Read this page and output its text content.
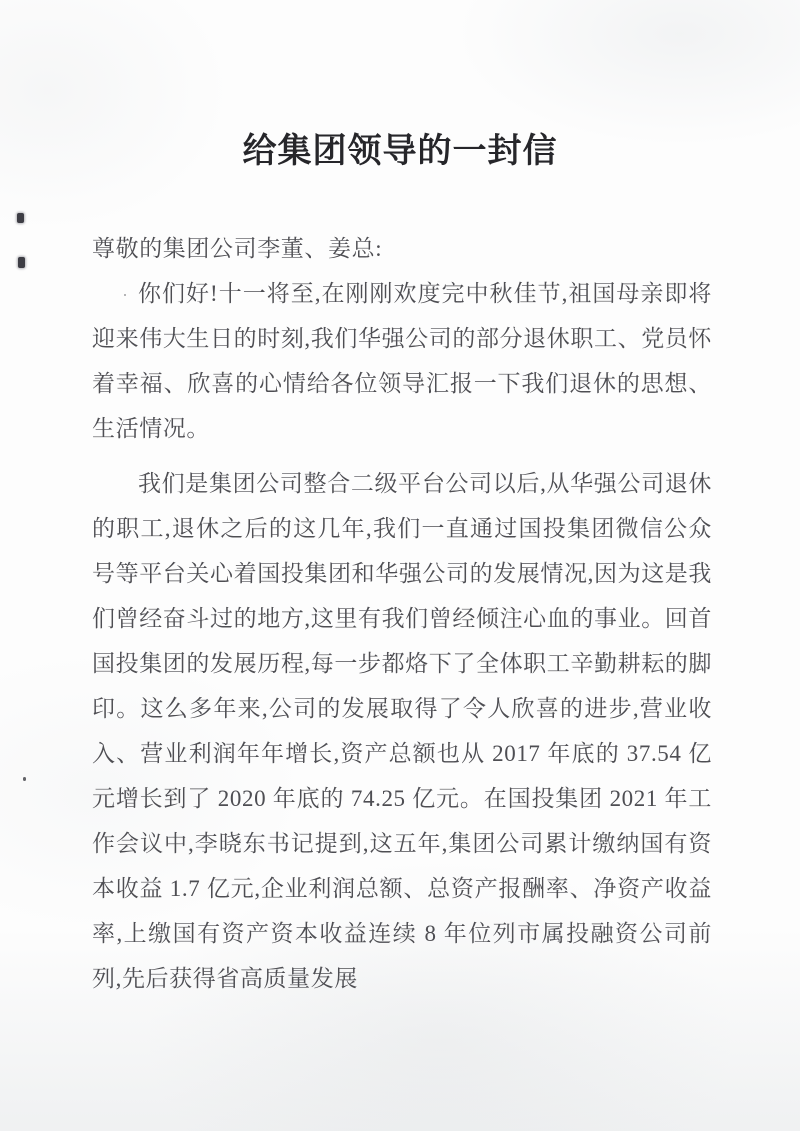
给集团领导的一封信

尊敬的集团公司李董、姜总:

你们好!十一将至,在刚刚欢度完中秋佳节,祖国母亲即将迎来伟大生日的时刻,我们华强公司的部分退休职工、党员怀着幸福、欣喜的心情给各位领导汇报一下我们退休的思想、生活情况。

我们是集团公司整合二级平台公司以后,从华强公司退休的职工,退休之后的这几年,我们一直通过国投集团微信公众号等平台关心着国投集团和华强公司的发展情况,因为这是我们曾经奋斗过的地方,这里有我们曾经倾注心血的事业。回首国投集团的发展历程,每一步都烙下了全体职工辛勤耕耘的脚印。这么多年来,公司的发展取得了令人欣喜的进步,营业收入、营业利润年年增长,资产总额也从 2017 年底的 37.54 亿元增长到了 2020 年底的 74.25 亿元。在国投集团 2021 年工作会议中,李晓东书记提到,这五年,集团公司累计缴纳国有资本收益 1.7 亿元,企业利润总额、总资产报酬率、净资产收益率,上缴国有资产资本收益连续 8 年位列市属投融资公司前列,先后获得省高质量发展
